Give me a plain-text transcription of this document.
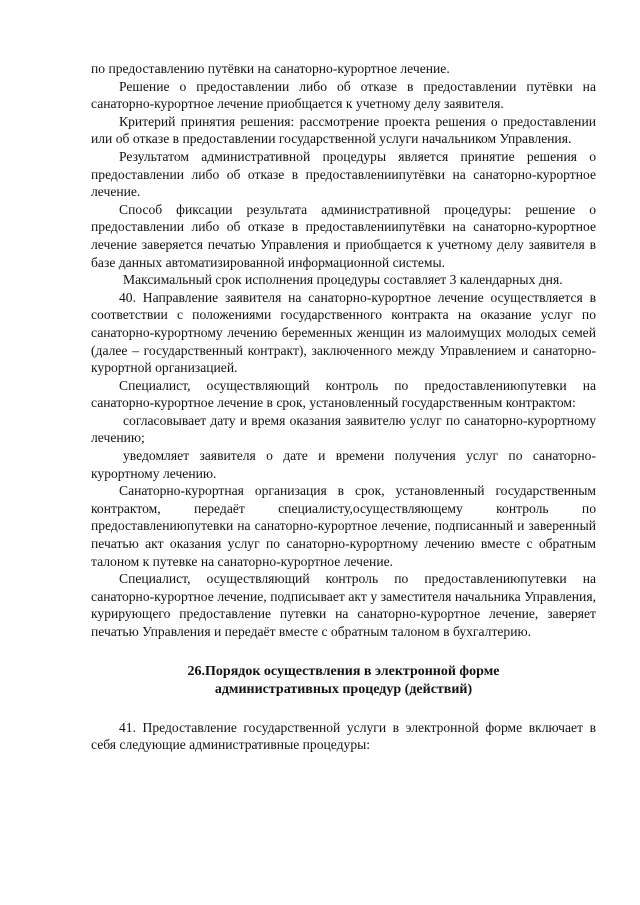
по предоставлению путёвки на санаторно-курортное лечение.

Решение о предоставлении либо об отказе в предоставлении путёвки на санаторно-курортное лечение приобщается к учетному делу заявителя.

Критерий принятия решения: рассмотрение проекта решения о предоставлении или об отказе в предоставлении государственной услуги начальником Управления.

Результатом административной процедуры является принятие решения о предоставлении либо об отказе в предоставлениипутёвки на санаторно-курортное лечение.

Способ фиксации результата административной процедуры: решение о предоставлении либо об отказе в предоставлениипутёвки на санаторно-курортное лечение заверяется печатью Управления и приобщается к учетному делу заявителя в базе данных автоматизированной информационной системы.

Максимальный срок исполнения процедуры составляет 3 календарных дня.

40. Направление заявителя на санаторно-курортное лечение осуществляется в соответствии с положениями государственного контракта на оказание услуг по санаторно-курортному лечению беременных женщин из малоимущих молодых семей (далее – государственный контракт), заключенного между Управлением и санаторно-курортной организацией.

Специалист, осуществляющий контроль по предоставлениюпутевки на санаторно-курортное лечение в срок, установленный государственным контрактом:

согласовывает дату и время оказания заявителю услуг по санаторно-курортному лечению;

уведомляет заявителя о дате и времени получения услуг по санаторно-курортному лечению.

Санаторно-курортная организация в срок, установленный государственным контрактом, передаёт специалисту,осуществляющему контроль по предоставлениюпутевки на санаторно-курортное лечение, подписанный и заверенный печатью акт оказания услуг по санаторно-курортному лечению вместе с обратным талоном к путевке на санаторно-курортное лечение.

Специалист, осуществляющий контроль по предоставлениюпутевки на санаторно-курортное лечение, подписывает акт у заместителя начальника Управления, курирующего предоставление путевки на санаторно-курортное лечение, заверяет печатью Управления и передаёт вместе с обратным талоном в бухгалтерию.

26.Порядок осуществления в электронной форме
административных процедур (действий)

41. Предоставление государственной услуги в электронной форме включает в себя следующие административные процедуры:
